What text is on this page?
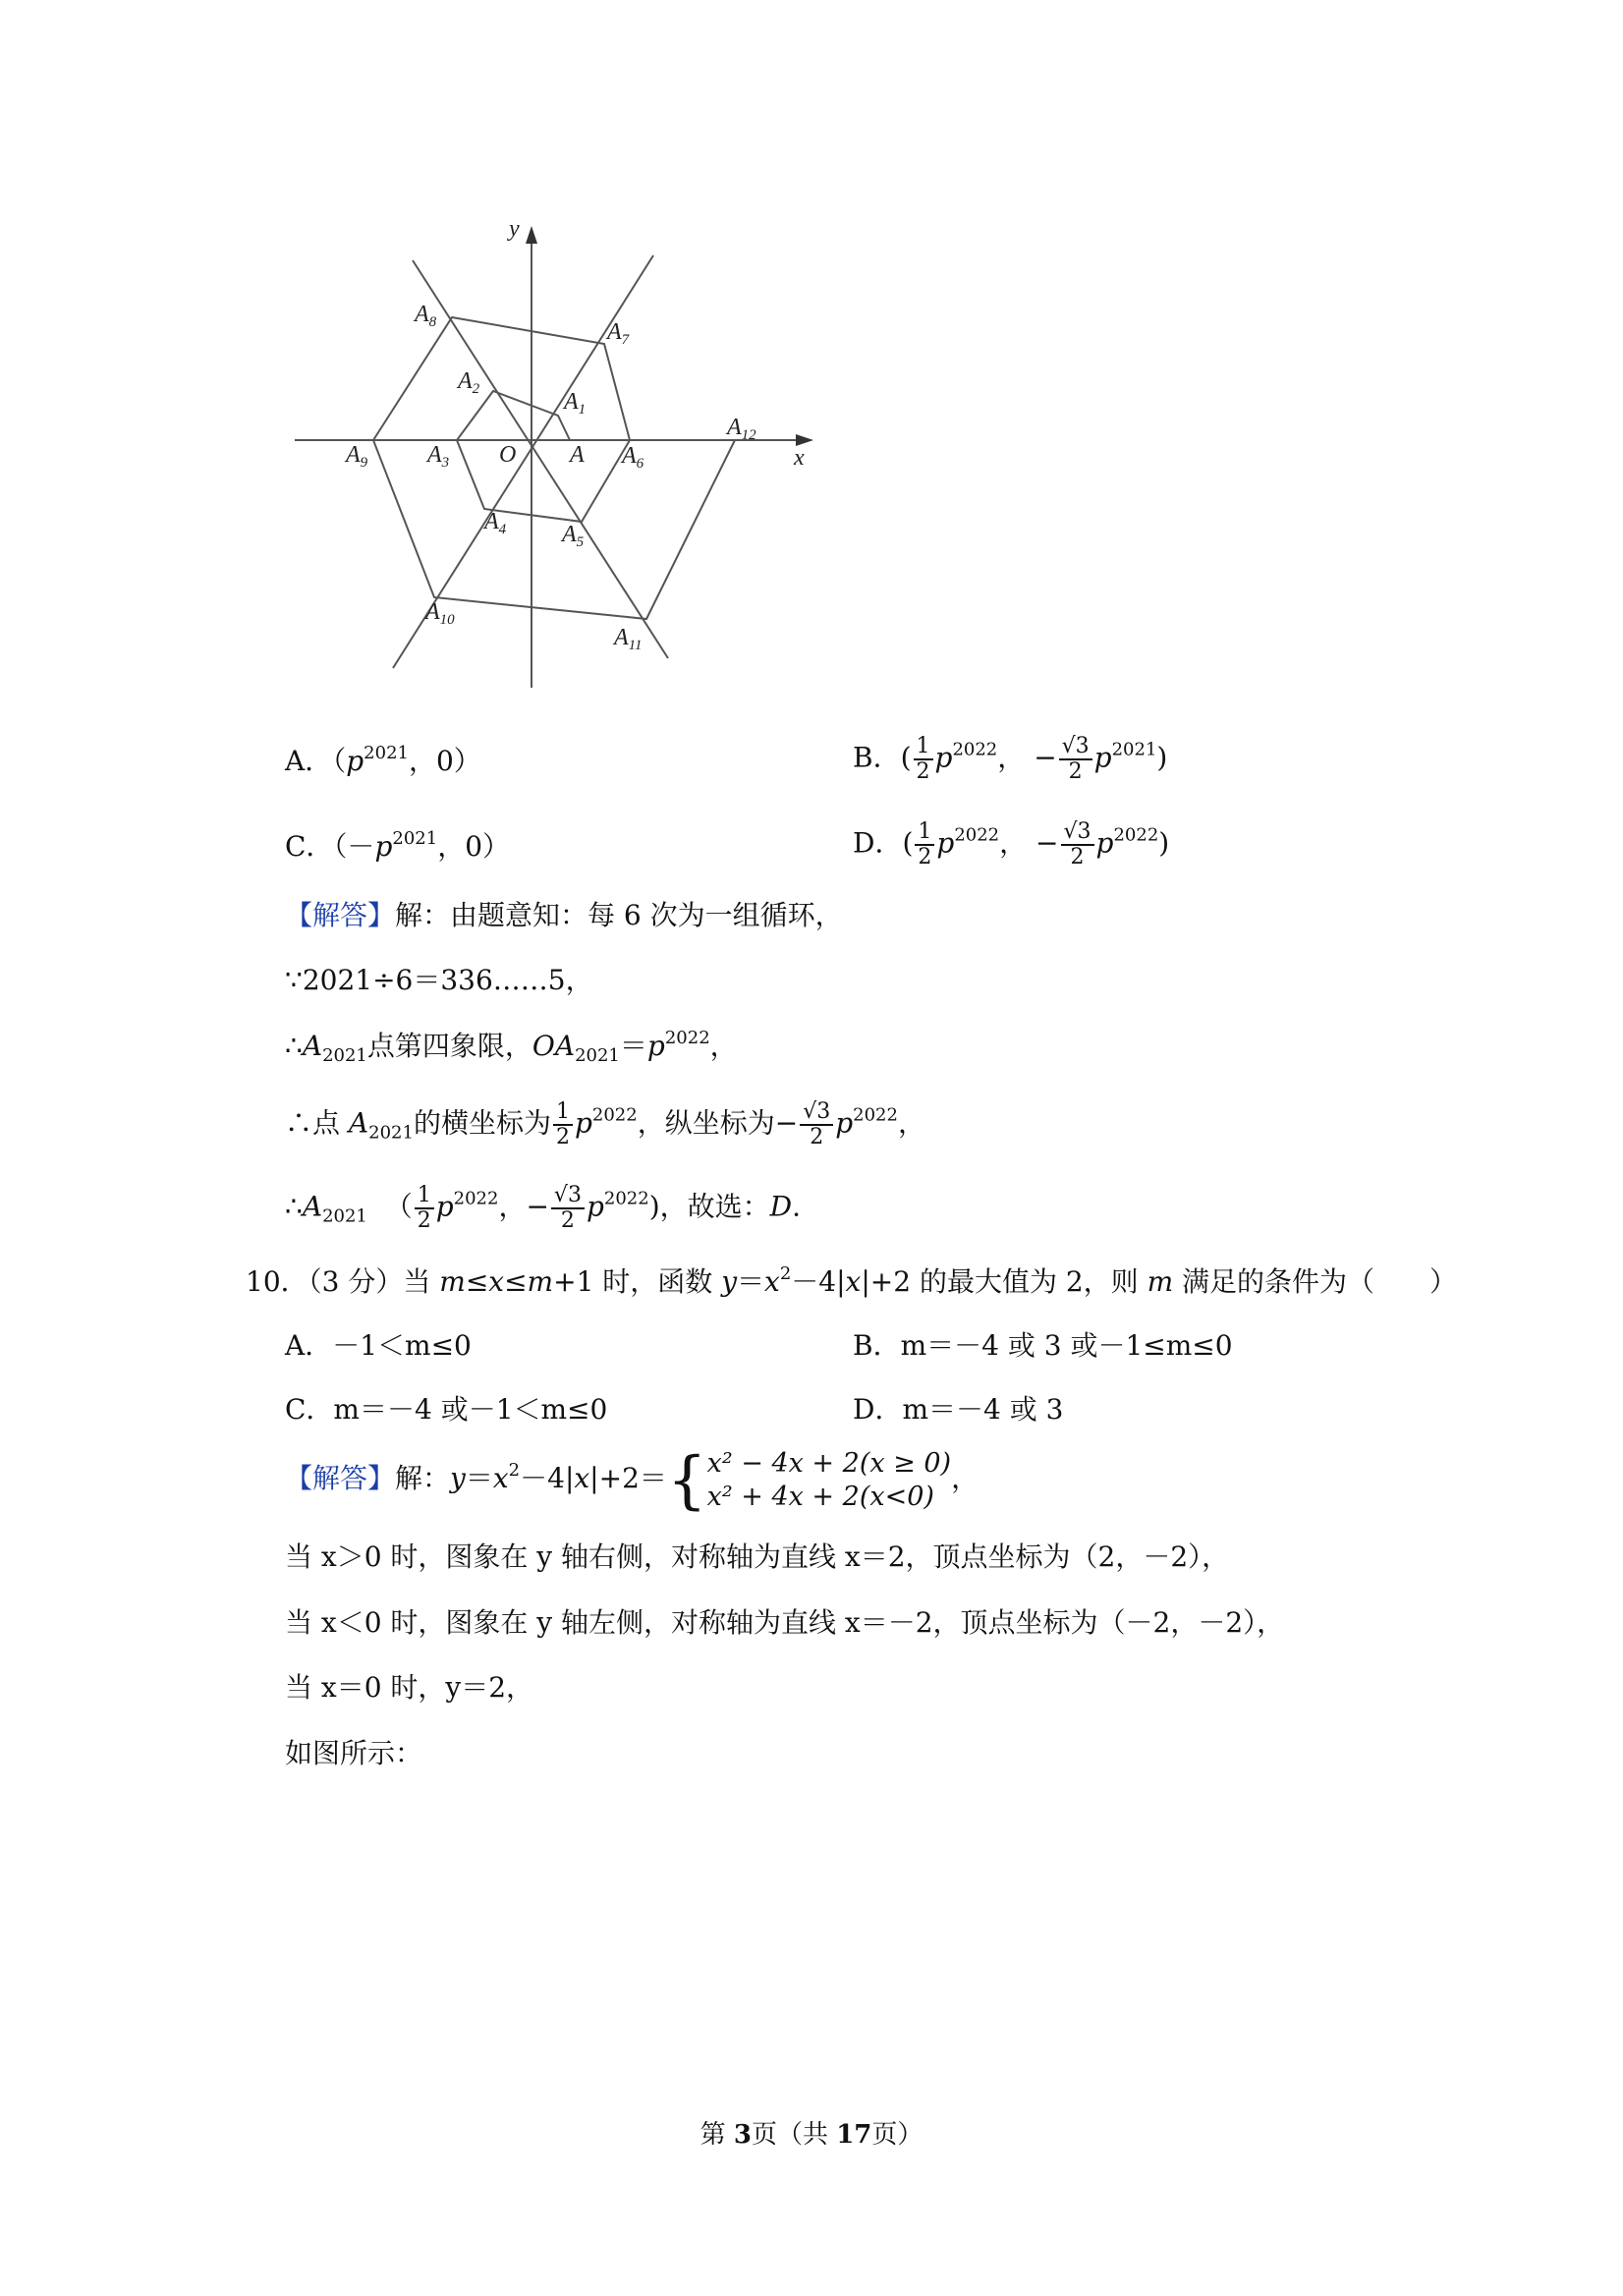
y
x
O A
$A_1$
$A_2$
$A_3$
$A_4$ $A_5$
$A_6$
$A_7$
$A_8$
$A_9$
$A_{10}$
$A_{11}$
$A_{12}$
A．（$p^{2021}$，0）	B．( $\frac{1}{2} p^{2022}$， − $\frac{√3}{2} p^{2021}$)
C．（$-p^{2021}$，0）	D．( $\frac{1}{2} p^{2022}$， − $\frac{√3}{2} p^{2022}$)
【解答】解：由题意知：每 6 次为一组循环，
∵2021÷6＝336……5，
$\therefore A_{2021}$点第四象限，$OA_{2021}=p^{2022}$，
∴点 $A_{2021}$的横坐标为 $\frac{1}{2} p^{2022}$，纵坐标为− $\frac{√3}{2} p^{2022}$，
$\therefore A_{2021}$ （ $\frac{1}{2} p^{2022}$，− $\frac{√3}{2} p^{2022}$)，故选：D.
10．（3 分）当 m≤x≤m+1 时，函数 $y=x^2-4|x|+2$ 的最大值为 2，则 m 满足的条件为（　　）
A．－1＜m≤0	B．m＝－4 或 3 或－1≤m≤0
C．m＝－4 或－1＜m≤0	D．m＝－4 或 3
【解答】解：$y=x^2-4|x|+2=${ x² − 4x + 2(x ≥ 0)
x² + 4x + 2(x<0)
，
当 x＞0 时，图象在 y 轴右侧，对称轴为直线 x＝2，顶点坐标为（2，－2），
当 x＜0 时，图象在 y 轴左侧，对称轴为直线 x＝－2，顶点坐标为（－2，－2），
当 x＝0 时，y＝2，
如图所示：
第 3页（共 17页）
